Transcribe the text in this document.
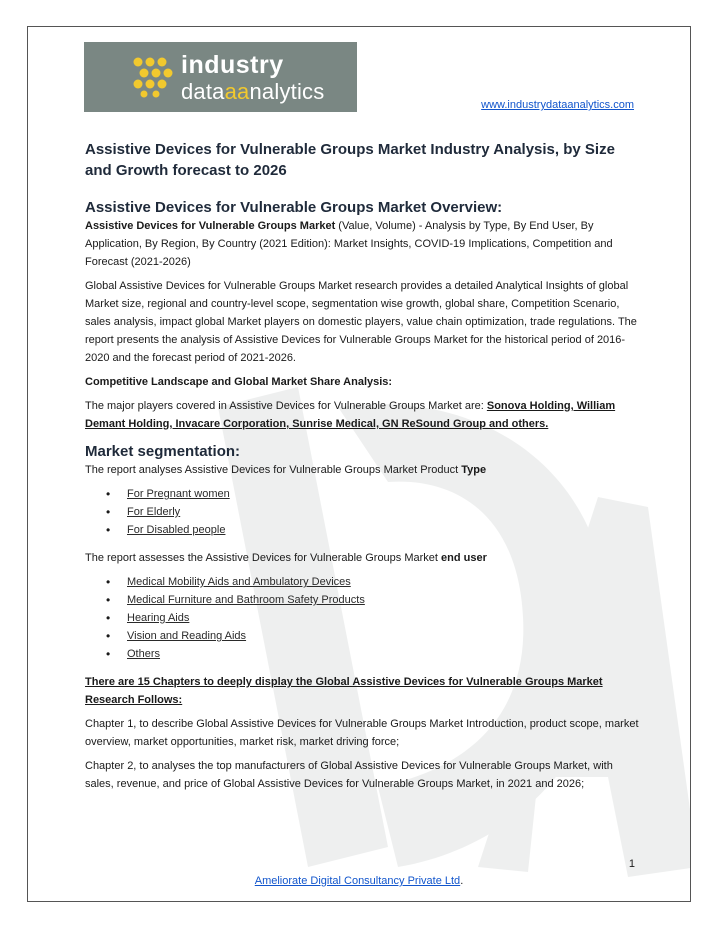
industry
dataaanalytics
www.industrydataanalytics.com
Assistive Devices for Vulnerable Groups Market Industry Analysis, by Size and Growth forecast to 2026
Assistive Devices for Vulnerable Groups Market Overview:

Assistive Devices for Vulnerable Groups Market (Value, Volume) - Analysis by Type, By End User, By Application, By Region, By Country (2021 Edition): Market Insights, COVID-19 Implications, Competition and Forecast (2021-2026)

Global Assistive Devices for Vulnerable Groups Market research provides a detailed Analytical Insights of global Market size, regional and country-level scope, segmentation wise growth, global share, Competition Scenario, sales analysis, impact global Market players on domestic players, value chain optimization, trade regulations. The report presents the analysis of Assistive Devices for Vulnerable Groups Market for the historical period of 2016-2020 and the forecast period of 2021-2026.

Competitive Landscape and Global Market Share Analysis:

The major players covered in Assistive Devices for Vulnerable Groups Market are: Sonova Holding, William Demant Holding, Invacare Corporation, Sunrise Medical, GN ReSound Group and others.

Market segmentation:

The report analyses Assistive Devices for Vulnerable Groups Market Product Type

• For Pregnant women
• For Elderly
• For Disabled people

The report assesses the Assistive Devices for Vulnerable Groups Market end user

• Medical Mobility Aids and Ambulatory Devices
• Medical Furniture and Bathroom Safety Products
• Hearing Aids
• Vision and Reading Aids
• Others

There are 15 Chapters to deeply display the Global Assistive Devices for Vulnerable Groups Market Research Follows:

Chapter 1, to describe Global Assistive Devices for Vulnerable Groups Market Introduction, product scope, market overview, market opportunities, market risk, market driving force;

Chapter 2, to analyses the top manufacturers of Global Assistive Devices for Vulnerable Groups Market, with sales, revenue, and price of Global Assistive Devices for Vulnerable Groups Market, in 2021 and 2026;

1
Ameliorate Digital Consultancy Private Ltd.
